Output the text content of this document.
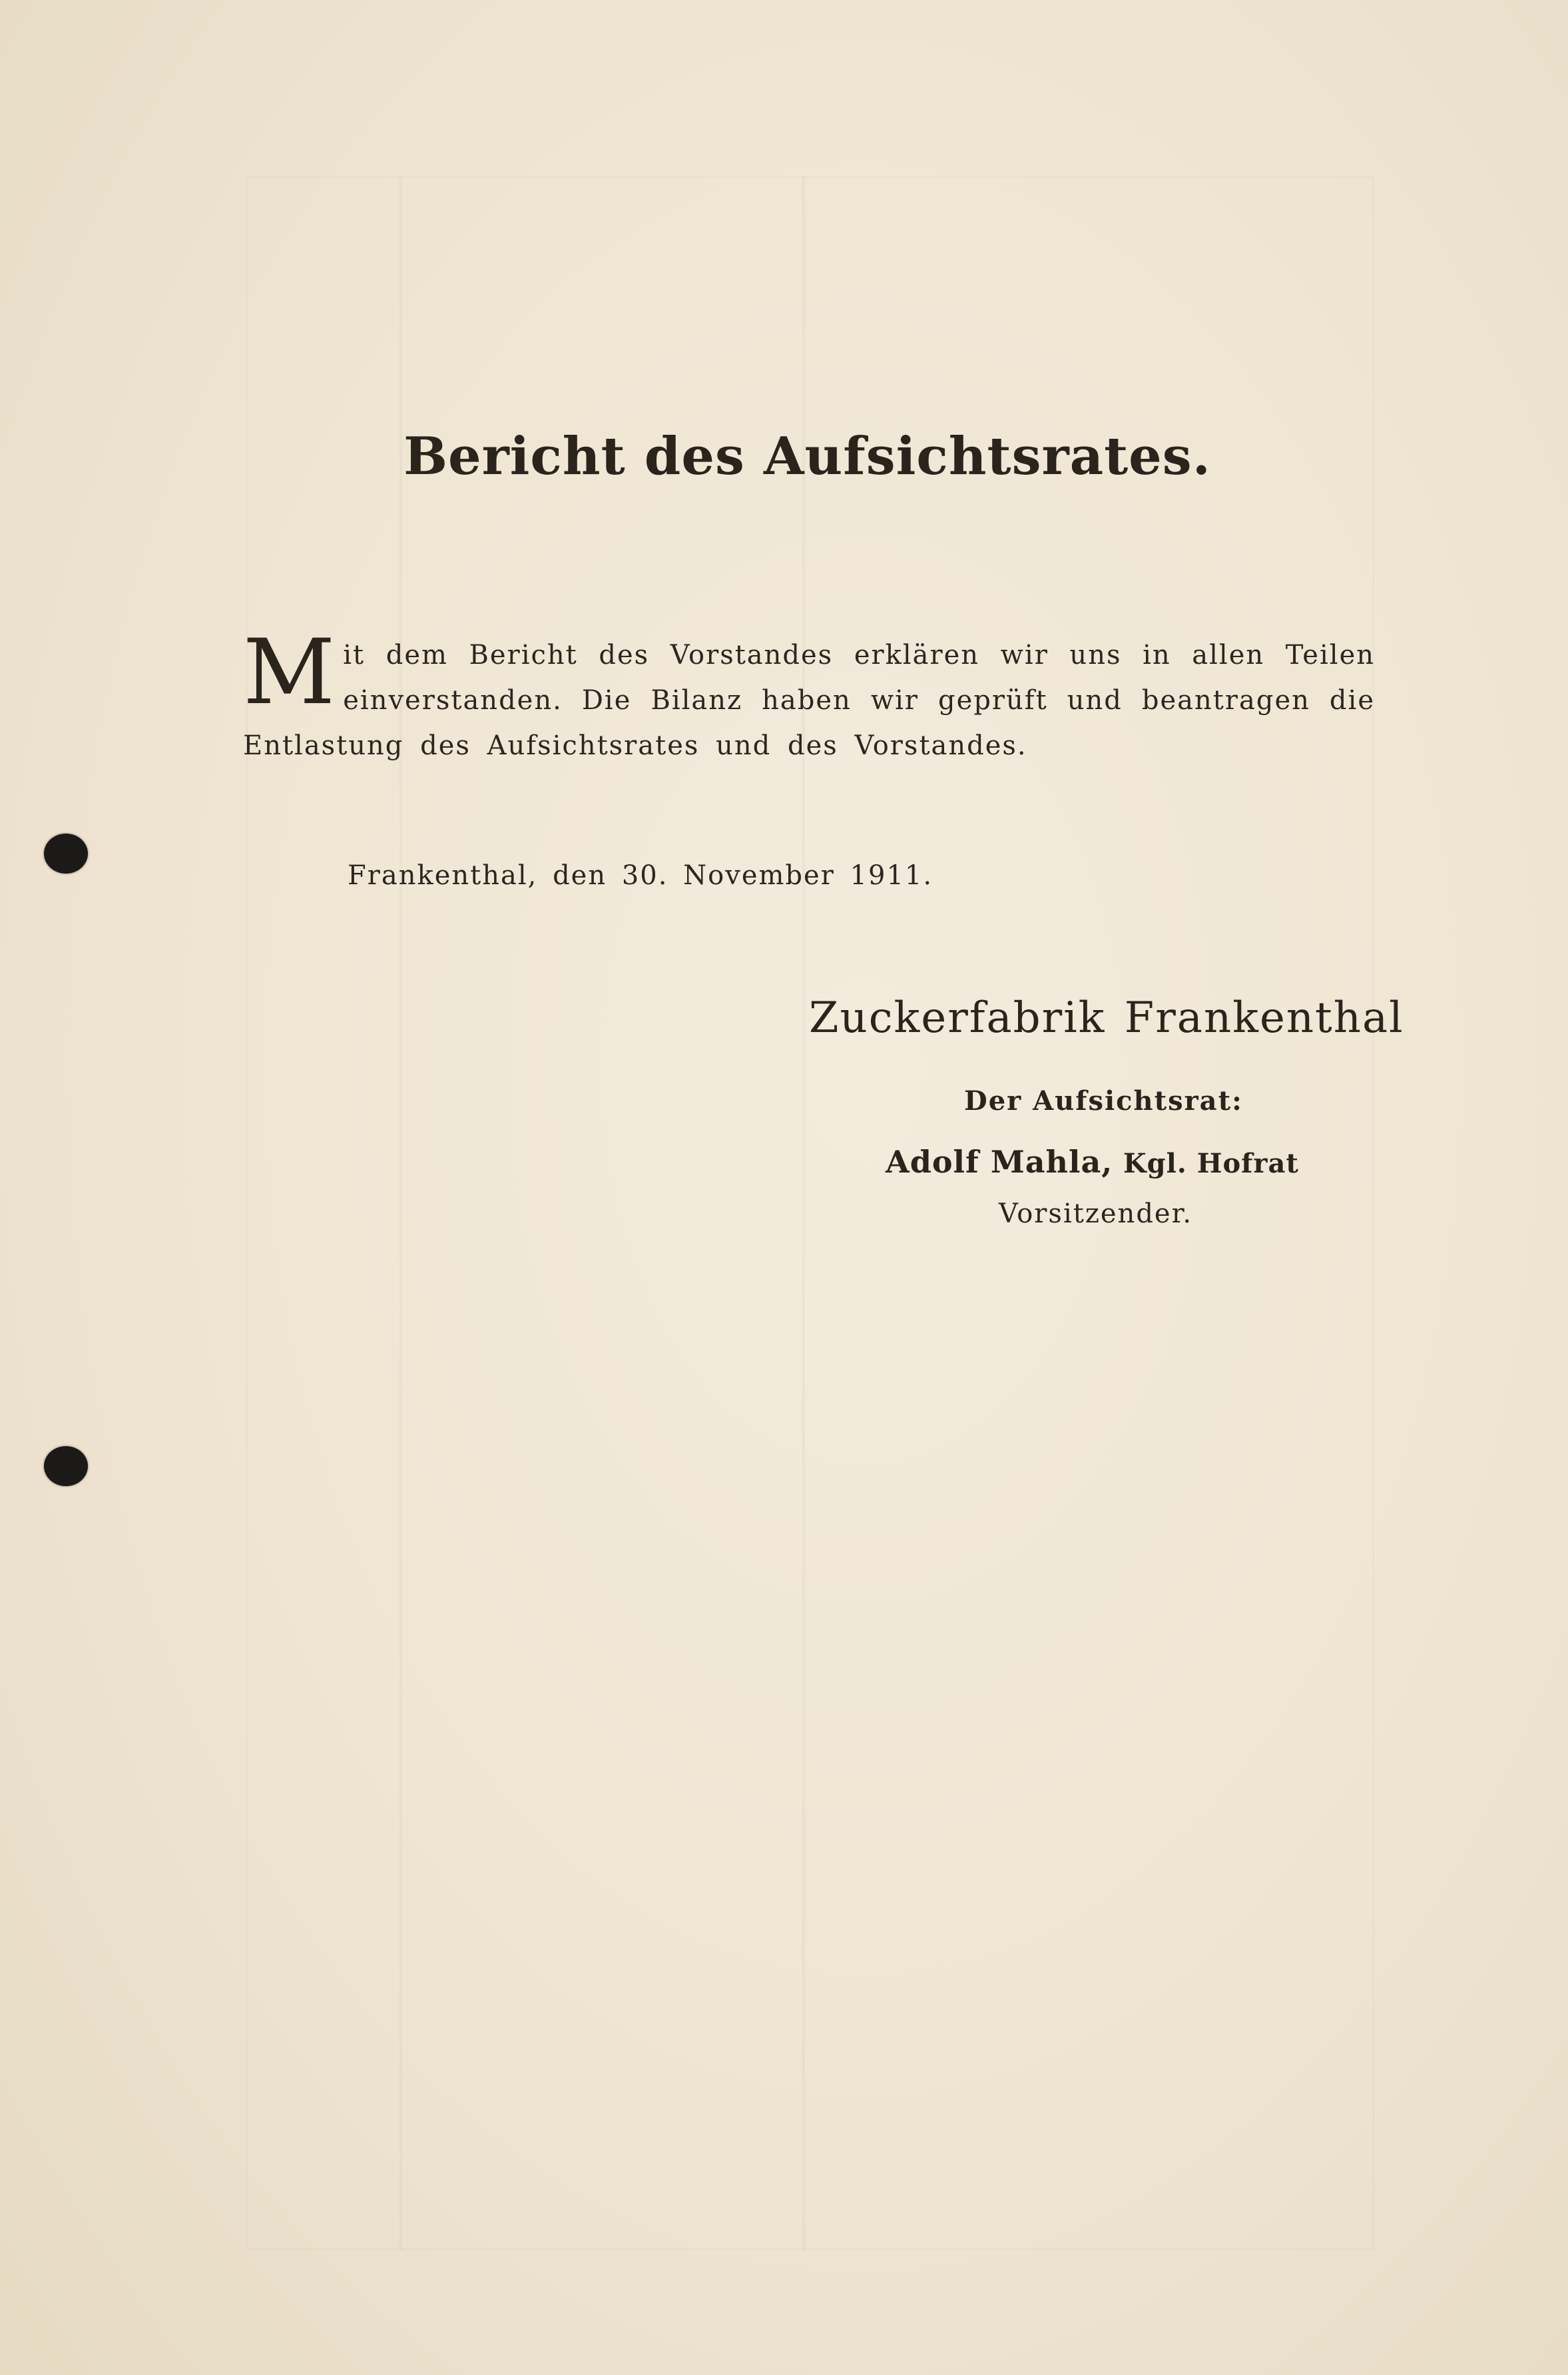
Bericht des Aufsichtsrates.
M it dem Bericht des Vorstandes erklären wir uns in allen Teilen einverstanden. Die Bilanz haben wir geprüft und beantragen die Entlastung des Aufsichtsrates und des Vorstandes.
Frankenthal, den 30. November 1911.
Zuckerfabrik Frankenthal
Der Aufsichtsrat:
Adolf Mahla, Kgl. Hofrat
Vorsitzender.
